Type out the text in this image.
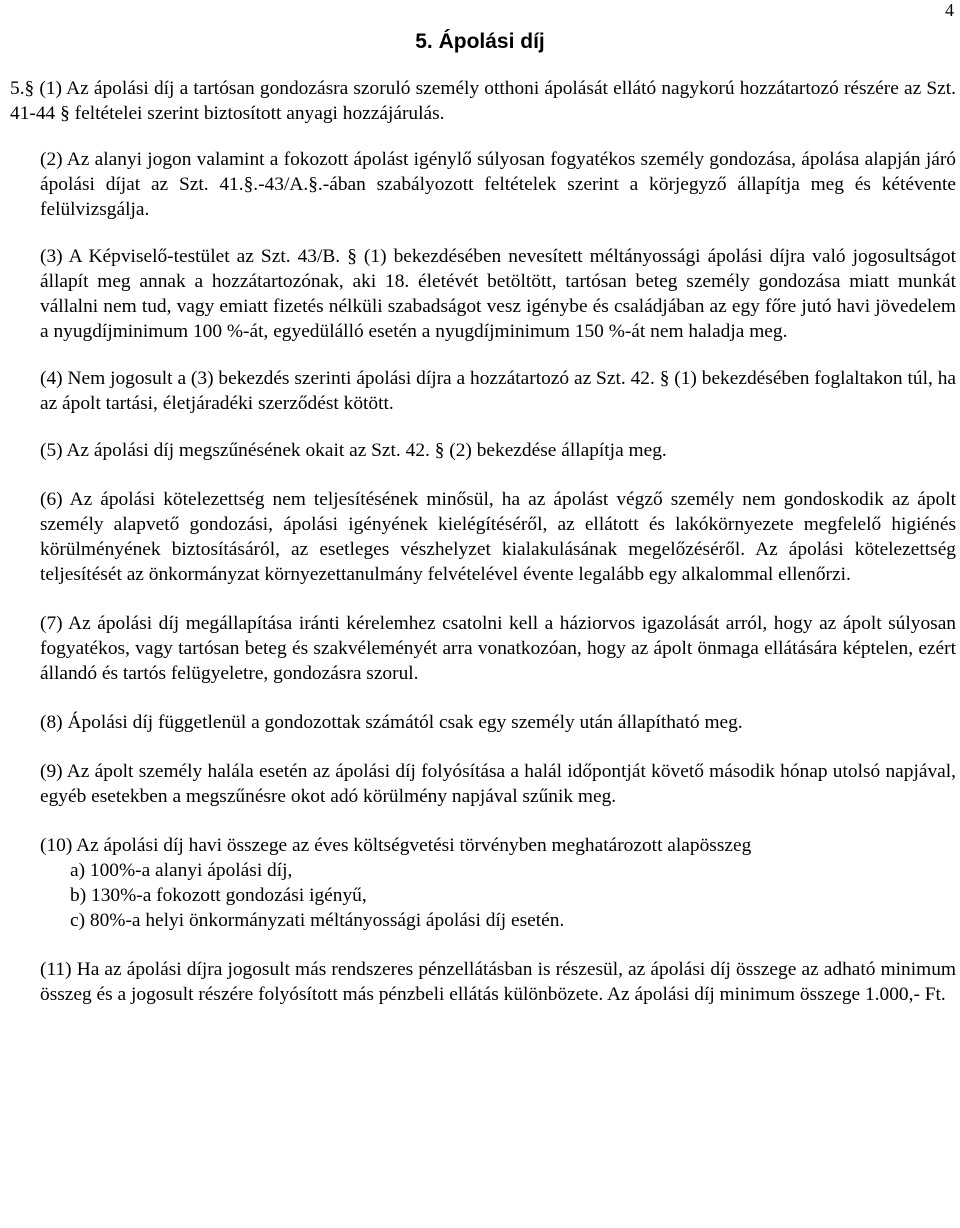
4
5. Ápolási díj

5.§ (1) Az ápolási díj a tartósan gondozásra szoruló személy otthoni ápolását ellátó nagykorú hozzátartozó részére az Szt. 41-44 § feltételei szerint biztosított anyagi hozzájárulás.

(2) Az alanyi jogon valamint a fokozott ápolást igénylő súlyosan fogyatékos személy gondozása, ápolása alapján járó ápolási díjat az Szt. 41.§.-43/A.§.-ában szabályozott feltételek szerint a körjegyző állapítja meg és kétévente felülvizsgálja.

(3) A Képviselő-testület az Szt. 43/B. § (1) bekezdésében nevesített méltányossági ápolási díjra való jogosultságot állapít meg annak a hozzátartozónak, aki 18. életévét betöltött, tartósan beteg személy gondozása miatt munkát vállalni nem tud, vagy emiatt fizetés nélküli szabadságot vesz igénybe és családjában az egy főre jutó havi jövedelem a nyugdíjminimum 100 %-át, egyedülálló esetén a nyugdíjminimum 150 %-át nem haladja meg.

(4) Nem jogosult a (3) bekezdés szerinti ápolási díjra a hozzátartozó az Szt. 42. § (1) bekezdésében foglaltakon túl, ha az ápolt tartási, életjáradéki szerződést kötött.

(5) Az ápolási díj megszűnésének okait az Szt. 42. § (2) bekezdése állapítja meg.

(6) Az ápolási kötelezettség nem teljesítésének minősül, ha az ápolást végző személy nem gondoskodik az ápolt személy alapvető gondozási, ápolási igényének kielégítéséről, az ellátott és lakókörnyezete megfelelő higiénés körülményének biztosításáról, az esetleges vészhelyzet kialakulásának megelőzéséről. Az ápolási kötelezettség teljesítését az önkormányzat környezettanulmány felvételével évente legalább egy alkalommal ellenőrzi.

(7) Az ápolási díj megállapítása iránti kérelemhez csatolni kell a háziorvos igazolását arról, hogy az ápolt súlyosan fogyatékos, vagy tartósan beteg és szakvéleményét arra vonatkozóan, hogy az ápolt önmaga ellátására képtelen, ezért állandó és tartós felügyeletre, gondozásra szorul.

(8) Ápolási díj függetlenül a gondozottak számától csak egy személy után állapítható meg.

(9) Az ápolt személy halála esetén az ápolási díj folyósítása a halál időpontját követő második hónap utolsó napjával, egyéb esetekben a megszűnésre okot adó körülmény napjával szűnik meg.

(10) Az ápolási díj havi összege az éves költségvetési törvényben meghatározott alapösszeg

a) 100%-a alanyi ápolási díj,
b) 130%-a fokozott gondozási igényű,
c) 80%-a helyi önkormányzati méltányossági ápolási díj esetén.

(11) Ha az ápolási díjra jogosult más rendszeres pénzellátásban is részesül, az ápolási díj összege az adható minimum összeg és a jogosult részére folyósított más pénzbeli ellátás különbözete. Az ápolási díj minimum összege 1.000,- Ft.
